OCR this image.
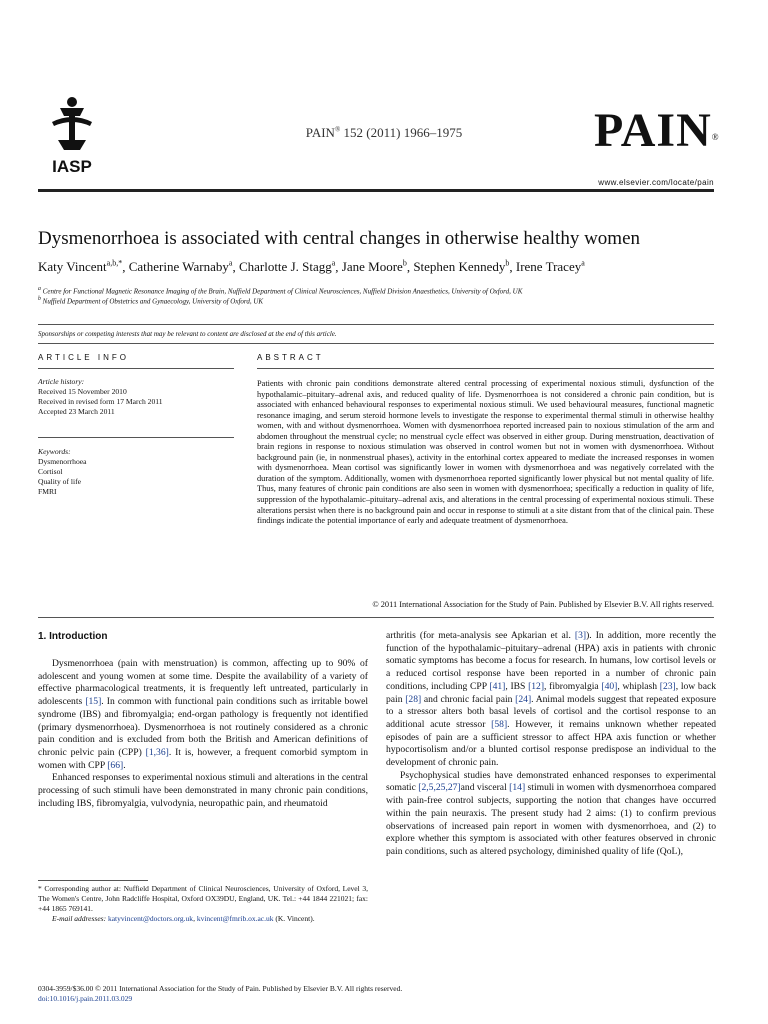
IASP
PAIN® 152 (2011) 1966–1975	PAIN®
www.elsevier.com/locate/pain
Dysmenorrhoea is associated with central changes in otherwise healthy women
Katy Vincent$^{a,b,*}$, Catherine Warnaby$^a$, Charlotte J. Stagg$^a$, Jane Moore$^b$, Stephen Kennedy$^b$, Irene Tracey$^a$
$^a$ Centre for Functional Magnetic Resonance Imaging of the Brain, Nuffield Department of Clinical Neurosciences, Nuffield Division Anaesthetics, University of Oxford, UK
$^b$ Nuffield Department of Obstetrics and Gynaecology, University of Oxford, UK
Sponsorships or competing interests that may be relevant to content are disclosed at the end of this article.
ARTICLE INFO	ABSTRACT
Article history:
Received 15 November 2010
Received in revised form 17 March 2011
Accepted 23 March 2011
Keywords:
Dysmenorrhoea
Cortisol
Quality of life
FMRI
Patients with chronic pain conditions demonstrate altered central processing of experimental noxious stimuli, dysfunction of the hypothalamic–pituitary–adrenal axis, and reduced quality of life. Dysmenorrhoea is not considered a chronic pain condition, but is associated with enhanced behavioural responses to experimental noxious stimuli. We used behavioural measures, functional magnetic resonance imaging, and serum steroid hormone levels to investigate the response to experimental thermal stimuli in otherwise healthy women, with and without dysmenorrhoea. Women with dysmenorrhoea reported increased pain to noxious stimulation of the arm and abdomen throughout the menstrual cycle; no menstrual cycle effect was observed in either group. During menstruation, deactivation of brain regions in response to noxious stimulation was observed in control women but not in women with dysmenorrhoea. Without background pain (ie, in nonmenstrual phases), activity in the entorhinal cortex appeared to mediate the increased responses in women with dysmenorrhoea. Mean cortisol was significantly lower in women with dysmenorrhoea and was negatively correlated with the duration of the symptom. Additionally, women with dysmenorrhoea reported significantly lower physical but not mental quality of life. Thus, many features of chronic pain conditions are also seen in women with dysmenorrhoea; specifically a reduction in quality of life, suppression of the hypothalamic–pituitary–adrenal axis, and alterations in the central processing of experimental noxious stimuli. These alterations persist when there is no background pain and occur in response to stimuli at a site distant from that of the clinical pain. These findings indicate the potential importance of early and adequate treatment of dysmenorrhoea.
© 2011 International Association for the Study of Pain. Published by Elsevier B.V. All rights reserved.
1. Introduction

Dysmenorrhoea (pain with menstruation) is common, affecting up to 90% of adolescent and young women at some time. Despite the availability of a variety of effective pharmacological treatments, it is frequently left untreated, particularly in adolescents [15]. In common with functional pain conditions such as irritable bowel syndrome (IBS) and fibromyalgia; end-organ pathology is frequently not identified (primary dysmenorrhoea). Dysmenorrhoea is not routinely considered as a chronic pain condition and is excluded from both the British and American definitions of chronic pelvic pain (CPP) [1,36]. It is, however, a frequent comorbid symptom in women with CPP [66].

Enhanced responses to experimental noxious stimuli and alterations in the central processing of such stimuli have been demonstrated in many chronic pain conditions, including IBS, fibromyalgia, vulvodynia, neuropathic pain, and rheumatoid

arthritis (for meta-analysis see Apkarian et al. [3]). In addition, more recently the function of the hypothalamic–pituitary–adrenal (HPA) axis in patients with chronic somatic symptoms has become a focus for research. In humans, low cortisol levels or a reduced cortisol response have been reported in a number of chronic pain conditions, including CPP [41], IBS [12], fibromyalgia [40], whiplash [23], low back pain [28] and chronic facial pain [24]. Animal models suggest that repeated exposure to a stressor alters both basal levels of cortisol and the cortisol response to an additional acute stressor [58]. However, it remains unknown whether repeated episodes of pain are a sufficient stressor to affect HPA axis function or whether hypocortisolism and/or a blunted cortisol response predispose an individual to the development of chronic pain.

Psychophysical studies have demonstrated enhanced responses to experimental somatic [2,5,25,27]and visceral [14] stimuli in women with dysmenorrhoea compared with pain-free control subjects, supporting the notion that changes have occurred within the pain neuraxis. The present study had 2 aims: (1) to confirm previous observations of increased pain report in women with dysmenorrhoea, and (2) to explore whether this symptom is associated with other features observed in chronic pain conditions, such as altered psychology, diminished quality of life (QoL),

* Corresponding author at: Nuffield Department of Clinical Neurosciences, University of Oxford, Level 3, The Women's Centre, John Radcliffe Hospital, Oxford OX39DU, England, UK. Tel.: +44 1844 221021; fax: +44 1865 769141.
E-mail addresses: katyvincent@doctors.org.uk, kvincent@fmrib.ox.ac.uk (K. Vincent).
0304-3959/$36.00 © 2011 International Association for the Study of Pain. Published by Elsevier B.V. All rights reserved.
doi:10.1016/j.pain.2011.03.029
